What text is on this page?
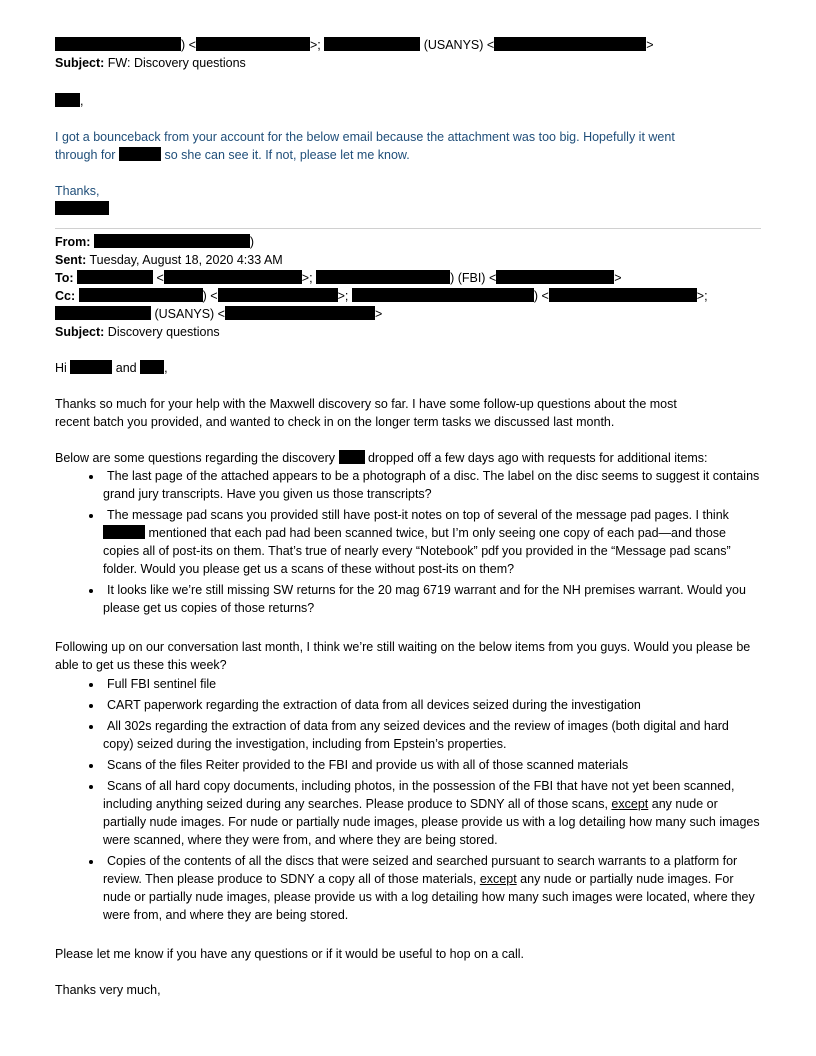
) <	>;	(USANYS) <	>
Subject: FW: Discovery questions
,
I got a bounceback from your account for the below email because the attachment was too big. Hopefully it went
through for	so she can see it. If not, please let me know.
Thanks,
From:	)
Sent: Tuesday, August 18, 2020 4:33 AM
To:	<	>;	) (FBI) <	>
Cc:	) <	>;	) <	>;
(USANYS) <	>
Subject: Discovery questions
Hi	and ,
Thanks so much for your help with the Maxwell discovery so far. I have some follow-up questions about the most
recent batch you provided, and wanted to check in on the longer term tasks we discussed last month.
Below are some questions regarding the discovery	dropped off a few days ago with requests for additional items:
• The last page of the attached appears to be a photograph of a disc. The label on the disc seems to suggest it contains grand jury transcripts. Have you given us those transcripts?
• The message pad scans you provided still have post-it notes on top of several of the message pad pages. I think  mentioned that each pad had been scanned twice, but I’m only seeing one copy of each pad—and those copies all of post-its on them. That’s true of nearly every “Notebook” pdf you provided in the “Message pad scans” folder. Would you please get us a scans of these without post-its on them?
• It looks like we’re still missing SW returns for the 20 mag 6719 warrant and for the NH premises warrant. Would you please get us copies of those returns?

Following up on our conversation last month, I think we’re still waiting on the below items from you guys. Would you please be able to get us these this week?

• Full FBI sentinel file
• CART paperwork regarding the extraction of data from all devices seized during the investigation
• All 302s regarding the extraction of data from any seized devices and the review of images (both digital and hard copy) seized during the investigation, including from Epstein’s properties.
• Scans of the files Reiter provided to the FBI and provide us with all of those scanned materials
• Scans of all hard copy documents, including photos, in the possession of the FBI that have not yet been scanned, including anything seized during any searches. Please produce to SDNY all of those scans, except any nude or partially nude images. For nude or partially nude images, please provide us with a log detailing how many such images were scanned, where they were from, and where they are being stored.
• Copies of the contents of all the discs that were seized and searched pursuant to search warrants to a platform for review. Then please produce to SDNY a copy all of those materials, except any nude or partially nude images. For nude or partially nude images, please provide us with a log detailing how many such images were located, where they were from, and where they are being stored.

Please let me know if you have any questions or if it would be useful to hop on a call.

Thanks very much,
